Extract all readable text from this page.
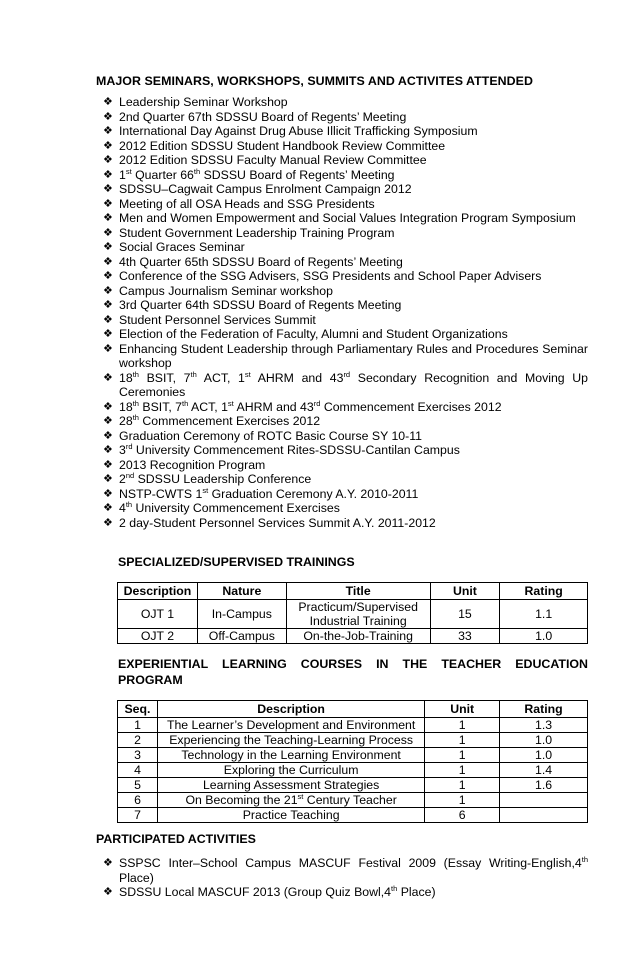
MAJOR SEMINARS, WORKSHOPS, SUMMITS AND ACTIVITES ATTENDED
❖ Leadership Seminar Workshop
❖ 2nd Quarter 67th SDSSU Board of Regents’ Meeting
❖ International Day Against Drug Abuse Illicit Trafficking Symposium
❖ 2012 Edition SDSSU Student Handbook Review Committee
❖ 2012 Edition SDSSU Faculty Manual Review Committee
❖ 1st Quarter 66th SDSSU Board of Regents’ Meeting
❖ SDSSU–Cagwait Campus Enrolment Campaign 2012
❖ Meeting of all OSA Heads and SSG Presidents
❖ Men and Women Empowerment and Social Values Integration Program Symposium
❖ Student Government Leadership Training Program
❖ Social Graces Seminar
❖ 4th Quarter 65th SDSSU Board of Regents’ Meeting
❖ Conference of the SSG Advisers, SSG Presidents and School Paper Advisers
❖ Campus Journalism Seminar workshop
❖ 3rd Quarter 64th SDSSU Board of Regents Meeting
❖ Student Personnel Services Summit
❖ Election of the Federation of Faculty, Alumni and Student Organizations
❖ Enhancing Student Leadership through Parliamentary Rules and Procedures Seminar workshop
❖ 18th BSIT, 7th ACT, 1st AHRM and 43rd Secondary Recognition and Moving Up Ceremonies
❖ 18th BSIT, 7th ACT, 1st AHRM and 43rd Commencement Exercises 2012
❖ 28th Commencement Exercises 2012
❖ Graduation Ceremony of ROTC Basic Course SY 10-11
❖ 3rd University Commencement Rites-SDSSU-Cantilan Campus
❖ 2013 Recognition Program
❖ 2nd SDSSU Leadership Conference
❖ NSTP-CWTS 1st Graduation Ceremony A.Y. 2010-2011
❖ 4th University Commencement Exercises
❖ 2 day-Student Personnel Services Summit A.Y. 2011-2012
SPECIALIZED/SUPERVISED TRAININGS
Description	Nature	Title	Unit	Rating
OJT 1	In-Campus	Practicum/Supervised Industrial Training	15	1.1
OJT 2	Off-Campus	On-the-Job-Training	33	1.0
EXPERIENTIAL LEARNING COURSES IN THE TEACHER EDUCATION
PROGRAM
Seq.	Description	Unit	Rating
1	The Learner’s Development and Environment	1	1.3
2	Experiencing the Teaching-Learning Process	1	1.0
3	Technology in the Learning Environment	1	1.0
4	Exploring the Curriculum	1	1.4
5	Learning Assessment Strategies	1	1.6
6	On Becoming the 21st Century Teacher	1	
7	Practice Teaching	6	
PARTICIPATED ACTIVITIES
❖ SSPSC Inter–School Campus MASCUF Festival 2009 (Essay Writing-English,4th Place)
❖ SDSSU Local MASCUF 2013 (Group Quiz Bowl,4th Place)
